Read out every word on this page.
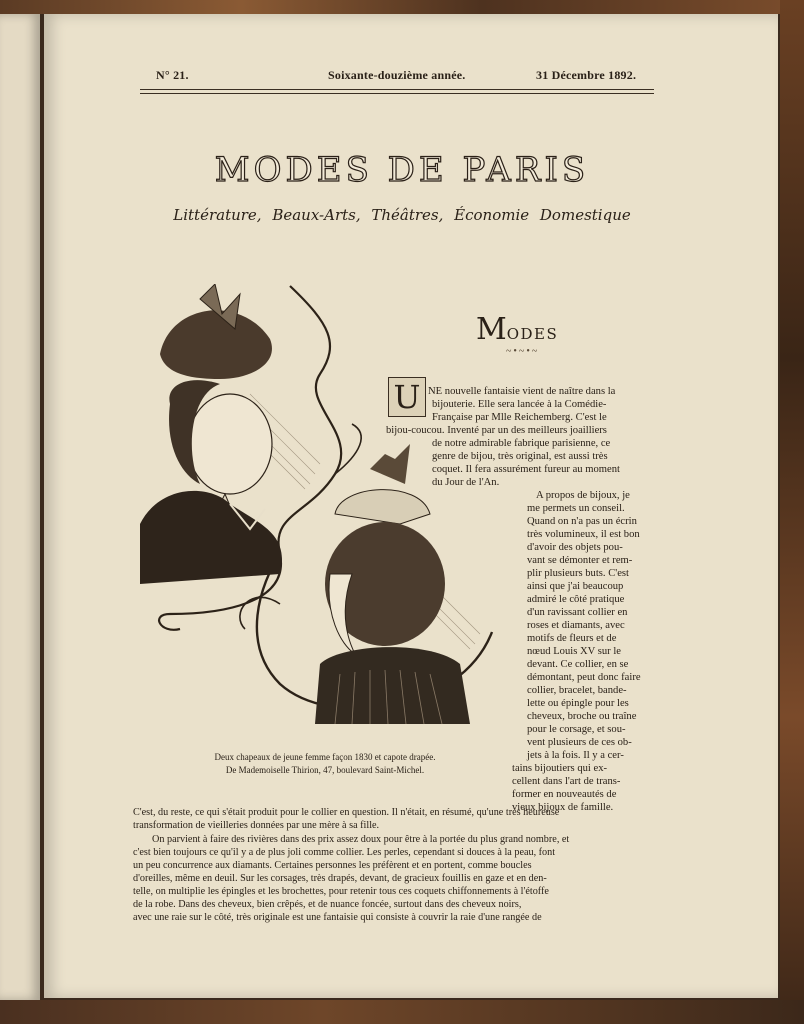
N° 21.	Soixante-douzième année.	31 Décembre 1892.
MODES DE PARIS
Littérature, Beaux-Arts, Théâtres, Économie Domestique
MODES
~•~•~
Deux chapeaux de jeune femme façon 1830 et capote drapée.
De Mademoiselle Thirion, 47, boulevard Saint-Michel.
U NE nouvelle fantaisie vient de naître dans la
bijouterie. Elle sera lancée à la Comédie-
Française par Mlle Reichemberg. C'est le
bijou-coucou. Inventé par un des meilleurs joailliers
de notre admirable fabrique parisienne, ce
genre de bijou, très original, est aussi très
coquet. Il fera assurément fureur au moment
du Jour de l'An.
A propos de bijoux, je
me permets un conseil.
Quand on n'a pas un écrin
très volumineux, il est bon
d'avoir des objets pou-
vant se démonter et rem-
plir plusieurs buts. C'est
ainsi que j'ai beaucoup
admiré le côté pratique
d'un ravissant collier en
roses et diamants, avec
motifs de fleurs et de
nœud Louis XV sur le
devant. Ce collier, en se
démontant, peut donc faire
collier, bracelet, bande-
lette ou épingle pour les
cheveux, broche ou traîne
pour le corsage, et sou-
vent plusieurs de ces ob-
jets à la fois. Il y a cer-
tains bijoutiers qui ex-
cellent dans l'art de trans-
former en nouveautés de
vieux bijoux de famille.
C'est, du reste, ce qui s'était produit pour le collier en question. Il n'était, en résumé, qu'une très heureuse
transformation de vieilleries données par une mère à sa fille.
On parvient à faire des rivières dans des prix assez doux pour être à la portée du plus grand nombre, et
c'est bien toujours ce qu'il y a de plus joli comme collier. Les perles, cependant si douces à la peau, font
un peu concurrence aux diamants. Certaines personnes les préfèrent et en portent, comme boucles
d'oreilles, même en deuil. Sur les corsages, très drapés, devant, de gracieux fouillis en gaze et en den-
telle, on multiplie les épingles et les brochettes, pour retenir tous ces coquets chiffonnements à l'étoffe
de la robe. Dans des cheveux, bien crêpés, et de nuance foncée, surtout dans des cheveux noirs,
avec une raie sur le côté, très originale est une fantaisie qui consiste à couvrir la raie d'une rangée de
